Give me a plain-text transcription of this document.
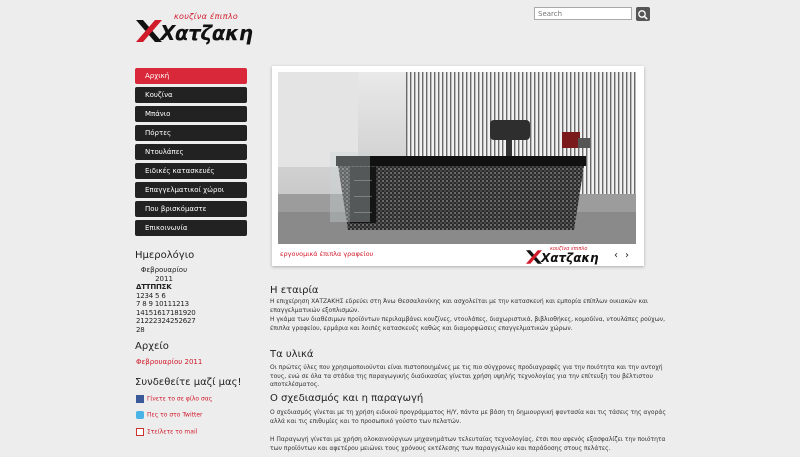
κουζίνα έπιπλο
Χατζακη
Search
Αρχική
Κουζίνα
Μπάνιο
Πόρτες
Ντουλάπες
Ειδικές κατασκευές
Επαγγελματικοί χώροι
Που βρισκόμαστε
Επικοινωνία
Ημερολόγιο
Φεβρουαρίου
2011
ΔΤΤΠΠΣΚ
1234 5 6
7 8 9 10111213
14151617181920
21222324252627
28
Αρχείο
Φεβρουαρίου 2011
Συνδεθείτε μαζί μας!
Γίνετε το σε φίλο σας
Πες το στο Twitter
Στείλετε το mail
εργονομικά έπιπλα γραφείου
κουζίνα έπιπλο
Χατζακη ‹ ›
Η εταιρία
Η επιχείρηση ΧΑΤΖΑΚΗΣ εδρεύει στη Άνω Θεσσαλονίκης και ασχολείται με την κατασκευή και εμπορία επίπλων οικιακών και επαγγελματικών εξοπλισμών.
Η γκάμα των διαθέσιμων προϊόντων περιλαμβάνει κουζίνες, ντουλάπες, διαχωριστικά, βιβλιοθήκες, κομοδίνα, ντουλάπες ρούχων, έπιπλα γραφείου, ερμάρια και λοιπές κατασκευές καθώς και διαμορφώσεις επαγγελματικών χώρων.
Τα υλικά
Οι πρώτες ύλες που χρησιμοποιούνται είναι πιστοποιημένες με τις πιο σύγχρονες προδιαγραφές για την ποιότητα και την αντοχή τους, ενώ σε όλα τα στάδια της παραγωγικής διαδικασίας γίνεται χρήση υψηλής τεχνολογίας για την επίτευξη του βέλτιστου αποτελέσματος.
Ο σχεδιασμός και η παραγωγή
Ο σχεδιασμός γίνεται με τη χρήση ειδικού προγράμματος Η/Υ, πάντα με βάση τη δημιουργική φαντασία και τις τάσεις της αγοράς αλλά και τις επιθυμίες και το προσωπικό γούστο των πελατών.
Η Παραγωγή γίνεται με χρήση ολοκαινούργιων μηχανημάτων τελευταίας τεχνολογίας, έτσι που αφενός εξασφαλίζει την ποιότητα των προϊόντων και αφετέρου μειώνει τους χρόνους εκτέλεσης των παραγγελιών και παράδοσης στους πελάτες.
